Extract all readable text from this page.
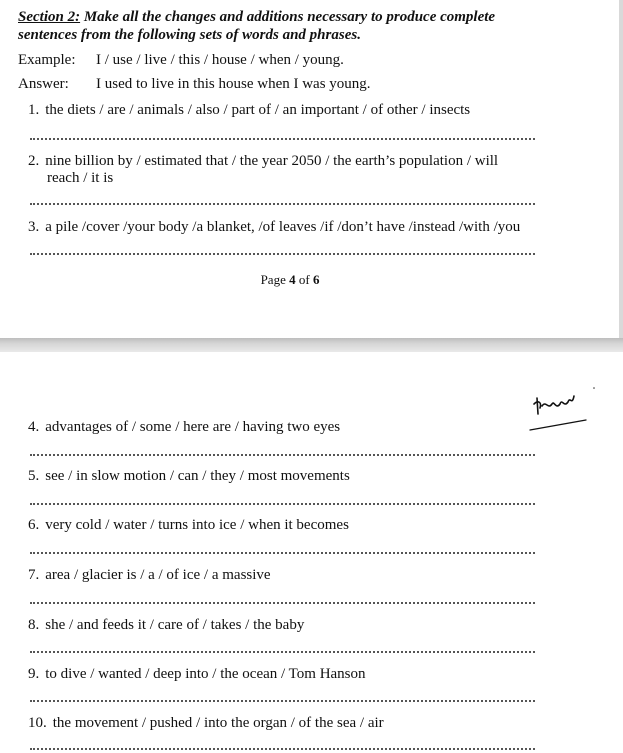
Section 2: Make all the changes and additions necessary to produce complete
sentences from the following sets of words and phrases.
Example: I / use / live / this / house / when / young.
Answer: I used to live in this house when I was young.
1. the diets / are / animals / also / part of / an important / of other / insects
2. nine billion by / estimated that / the year 2050 / the earth’s population / will
reach / it is
3. a pile /cover /your body /a blanket, /of leaves /if /don’t have /instead /with /you
Page 4 of 6
4. advantages of / some / here are / having two eyes
5. see / in slow motion / can / they / most movements
6. very cold / water / turns into ice / when it becomes
7. area / glacier is / a / of ice / a massive
8. she / and feeds it / care of / takes / the baby
9. to dive / wanted / deep into / the ocean / Tom Hanson
10. the movement / pushed / into the organ / of the sea / air
